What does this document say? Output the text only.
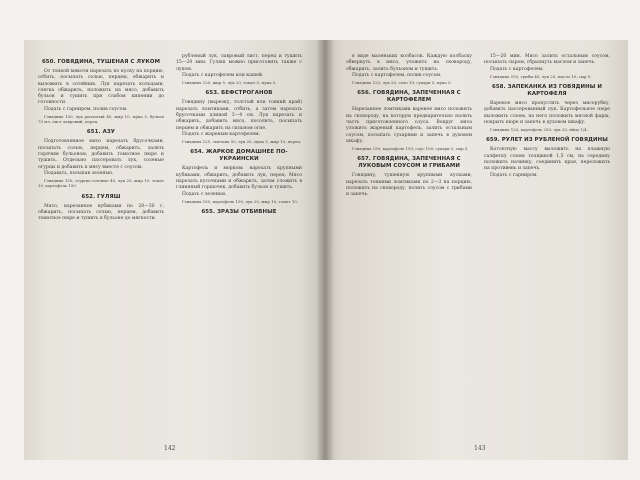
650. ГОВЯДИНА, ТУШЕНАЯ С ЛУКОМ
От тонкой мякоти нарезать по куску на порцию, отбить, посыпать солью, перцем, обжарить и выложить в сотейник. Лук нарезать кольцами, слегка обжарить, положить на мясо, добавить бульон и тушить при слабом кипении до готовности.
Подать с гарниром, полив соусом.
Говядина 150, лук репчатый 40, жир 10, мука 5, бульон 75 мл, лист лавровый, перец.
651. АЗУ
Подготовленное мясо нарезать брусочками, посыпать солью, перцем, обжарить, залить горячим бульоном, добавить томатное пюре и тушить. Отдельно пассеровать лук, соленые огурцы и добавить к мясу вместе с соусом.
Подавать, посыпав зеленью.
Говядина 150, огурцы соленые 40, лук 20, жир 10, томат 10, картофель 150.
652. ГУЛЯШ
Мясо, нарезанное кубиками по 20—30 г, обжарить, посыпать солью, перцем, добавить томатное пюре и тушить в бульоне до мягкости.
рубленый лук, лавровый лист, перец и тушить 15—20 мин. Гуляш можно приготовить также с луком.
Подать с картофелем или кашей.
Говядина 120, жир 5, лук 20, томат 5, мука 5.
653. БЕФСТРОГАНОВ
Говядину (вырезку, толстый или тонкий край) нарезать ломтиками, отбить, а затем нарезать брусочками длиной 3—4 см. Лук нарезать и обжарить, добавить мясо, посолить, посыпать перцем и обжарить на сильном огне.
Подать с жареным картофелем.
Говядина 125, сметана 50, лук 20, мука 5, жир 10, перец.
654. ЖАРКОЕ ДОМАШНЕЕ ПО-УКРАИНСКИ
Картофель и морковь нарезать крупными кубиками, обжарить, добавить лук, перец. Мясо нарезать кусочками и обжарить, затем сложить в глиняный горшочек, добавить бульон и тушить.
Подать с зеленью.
Говядина 150, картофель 150, лук 20, жир 10, томат 10.
655. ЗРАЗЫ ОТБИВНЫЕ
142
в виде маленьких колбасок. Каждую колбаску обвернуть в мясо, уложить на сковороду, обжарить, залить бульоном и тушить.
Подать с картофелем, полив соусом.
Говядина 125, лук 20, сало 10, сухари 5, мука 5.
656. ГОВЯДИНА, ЗАПЕЧЕННАЯ С КАРТОФЕЛЕМ
Нарезанное ломтиками вареное мясо положить на сковороду, на которую предварительно налить часть приготовленного соуса. Вокруг мяса уложить жареный картофель, залить остальным соусом, посыпать сухарями и запечь в духовом шкафу.
Говядина 150, картофель 150, соус 100, сухари 5, сыр 5.
657. ГОВЯДИНА, ЗАПЕЧЕННАЯ С ЛУКОВЫМ СОУСОМ И ГРИБАМИ
Говядину, тушенную крупными кусками, нарезать тонкими ломтиками по 2—3 на порцию, положить на сковороду, полить соусом с грибами и запечь.
15—20 мин. Мясо залить остальным соусом, посыпать сыром, сбрызнуть маслом и запечь.
Подать с картофелем.
Говядина 150, грибы 40, лук 20, масло 10, сыр 5.
658. ЗАПЕКАНКА ИЗ ГОВЯДИНЫ И КАРТОФЕЛЯ
Вареное мясо пропустить через мясорубку, добавить пассерованный лук. Картофельное пюре выложить слоем, на него положить мясной фарш, покрыть пюре и запечь в духовом шкафу.
Говядина 120, картофель 250, лук 20, яйцо 1/4.
659. РУЛЕТ ИЗ РУБЛЕНОЙ ГОВЯДИНЫ
Котлетную массу выложить на влажную салфетку слоем толщиной 1,5 см, на середину положить начинку, соединить края, переложить на противень и запечь.
Подать с гарниром.
143
